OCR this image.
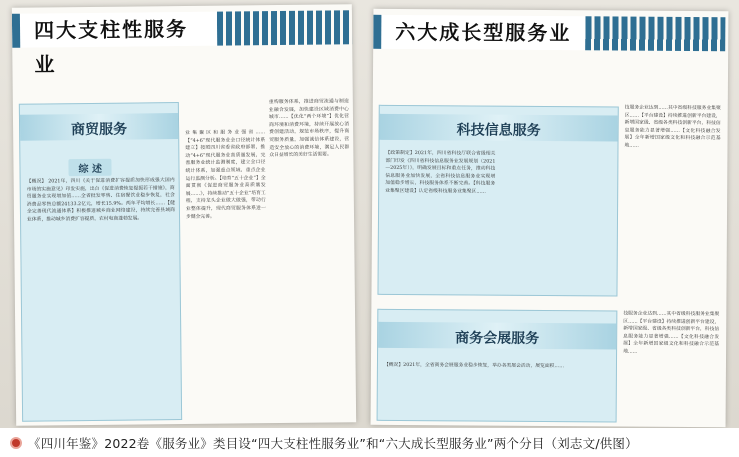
四大支柱性服务业
商贸服务
综 述
【概况】 2021年，四川《关于促进消费扩容提质加快形成强大国内市场的实施意见》印发实施，出台《促进消费恢复提振若干措施》，商贸服务业实现增加值……全省批发零售、住宿餐饮业稳步恢复，社会消费品零售总额24133.2亿元，增长15.9%。两年平均增长……【健全完善现代流通体系】积极推进城乡商业网络建设，持续完善县域商业体系，推动城乡消费扩容提质，农村电商蓬勃发展。
业集聚区和服务业强省……【“4+6”现代服务业全口径统计体系建立】按照四川省委省政府部署，推动“4+6”现代服务业高质量发展，完善服务业统计监测制度，建立全口径统计体系，加强重点领域、重点企业运行监测分析。【培育“五十企业”】全面贯彻《促进商贸服务业高质量发展……》，持续推动“五十企业”培育工程，支持龙头企业做大做强，带动行业整体提升，现代商贸服务体系进一步健全完善。
重构服务体系，推进商贸流通与制造业融合发展，加快建设区域消费中心城市……【优化“两个环境”】优化营商环境和消费环境，持续开展放心消费创建活动，规范市场秩序，提升商贸服务质量，加强诚信体系建设，营造安全放心的消费环境，满足人民群众日益增长的美好生活需要。
六大成长型服务业
科技信息服务
【政策制定】2021年，四川省科技厅联合省级相关部门印发《四川省科技信息服务业发展规划（2021—2025年）》，明确发展目标和重点任务，推动科技信息服务业加快发展，全省科技信息服务业实现增加值稳步增长，科技服务体系不断完善。【科技服务业集聚区建设】认定省级科技服务业集聚区……
技服务企业达到……其中省级科技服务业集聚区……【平台建设】持续推进创新平台建设，新增国家级、省级各类科技创新平台，科技信息服务能力显著增强……【文化科技融合发展】全年新增国家级文化和科技融合示范基地……
商务会展服务
【概况】2021年，全省商务会展服务业稳步恢复，举办各类展会活动，展览面积……
技服务企业达到……其中省级科技服务业集聚区……【平台建设】持续推进创新平台建设，新增国家级、省级各类科技创新平台，科技信息服务能力显著增强……【文化科技融合发展】全年新增国家级文化和科技融合示范基地……
《四川年鉴》2022卷《服务业》类目设“四大支柱性服务业”和“六大成长型服务业”两个分目（刘志文/供图）
